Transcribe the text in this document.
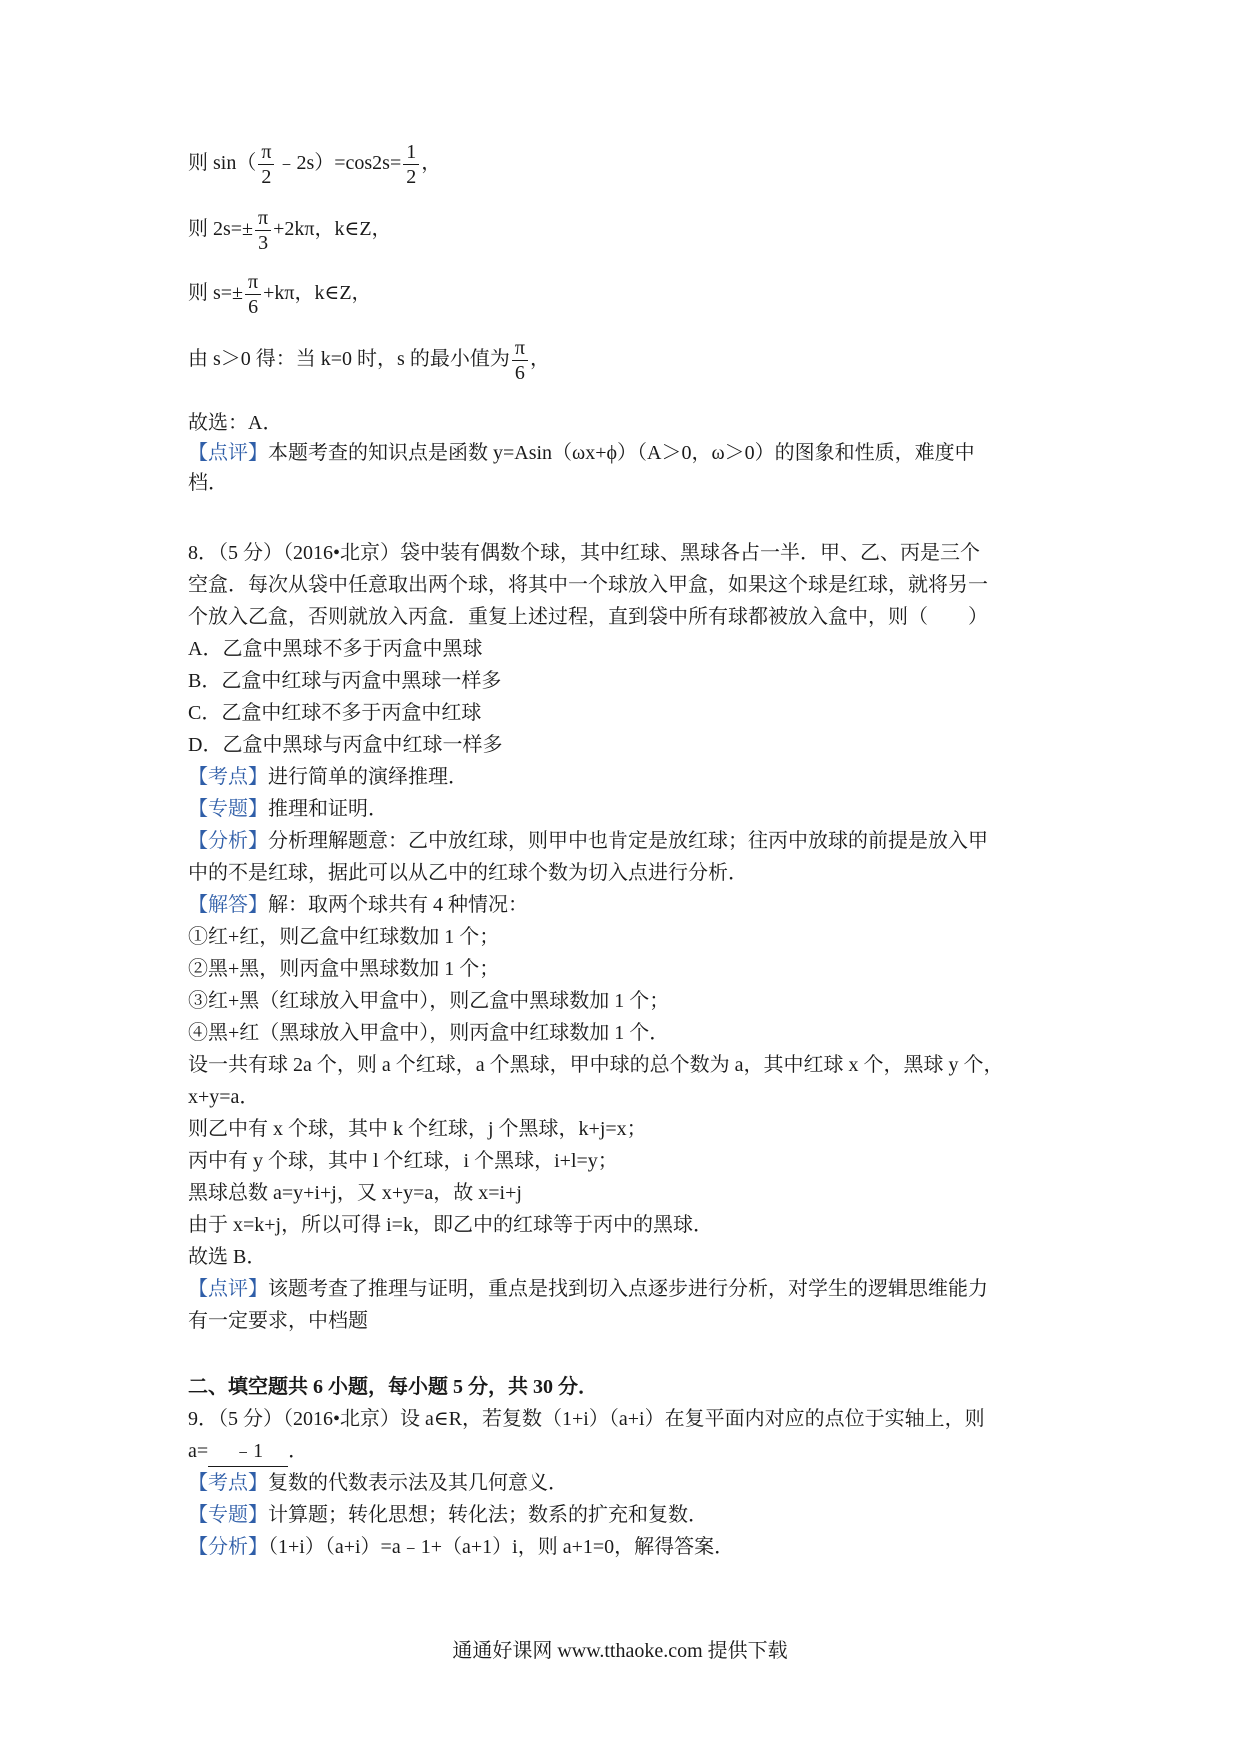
则 $\sin( \frac{\pi}{2}$ ﹣2s）=cos2s= $\frac{1}{2}$ ，
则 $2s=\pm \frac{\pi}{3} +2k\pi$，k∈Z，
则 $s=\pm \frac{\pi}{6} +k\pi$，k∈Z，
由 s＞0 得：当 k=0 时，s 的最小值为 $\frac{\pi}{6}$ ，
故选：A．
【点评】本题考查的知识点是函数 y=Asin（ωx+ϕ）（A＞0，ω＞0）的图象和性质，难度中
档．
8．（5 分）（2016•北京）袋中装有偶数个球，其中红球、黑球各占一半．甲、乙、丙是三个
空盒．每次从袋中任意取出两个球，将其中一个球放入甲盒，如果这个球是红球，就将另一
个放入乙盒，否则就放入丙盒．重复上述过程，直到袋中所有球都被放入盒中，则（　　）
A．乙盒中黑球不多于丙盒中黑球
B．乙盒中红球与丙盒中黑球一样多
C．乙盒中红球不多于丙盒中红球
D．乙盒中黑球与丙盒中红球一样多
【考点】进行简单的演绎推理．
【专题】推理和证明．
【分析】分析理解题意：乙中放红球，则甲中也肯定是放红球；往丙中放球的前提是放入甲
中的不是红球，据此可以从乙中的红球个数为切入点进行分析．
【解答】解：取两个球共有 4 种情况：
①红+红，则乙盒中红球数加 1 个；
②黑+黑，则丙盒中黑球数加 1 个；
③红+黑（红球放入甲盒中），则乙盒中黑球数加 1 个；
④黑+红（黑球放入甲盒中），则丙盒中红球数加 1 个．
设一共有球 2a 个，则 a 个红球，a 个黑球，甲中球的总个数为 a，其中红球 x 个，黑球 y 个，
x+y=a．
则乙中有 x 个球，其中 k 个红球，j 个黑球，k+j=x；
丙中有 y 个球，其中 l 个红球，i 个黑球，i+l=y；
黑球总数 a=y+i+j，又 x+y=a，故 x=i+j
由于 x=k+j，所以可得 i=k，即乙中的红球等于丙中的黑球．
故选 B．
【点评】该题考查了推理与证明，重点是找到切入点逐步进行分析，对学生的逻辑思维能力
有一定要求，中档题
二、填空题共 6 小题，每小题 5 分，共 30 分．
9．（5 分）（2016•北京）设 a∈R，若复数（1+i）（a+i）在复平面内对应的点位于实轴上，则
a= ﹣1 ．
【考点】复数的代数表示法及其几何意义．
【专题】计算题；转化思想；转化法；数系的扩充和复数．
【分析】（1+i）（a+i）=a﹣1+（a+1）i，则 a+1=0，解得答案．
通通好课网 www.tthaoke.com 提供下载
